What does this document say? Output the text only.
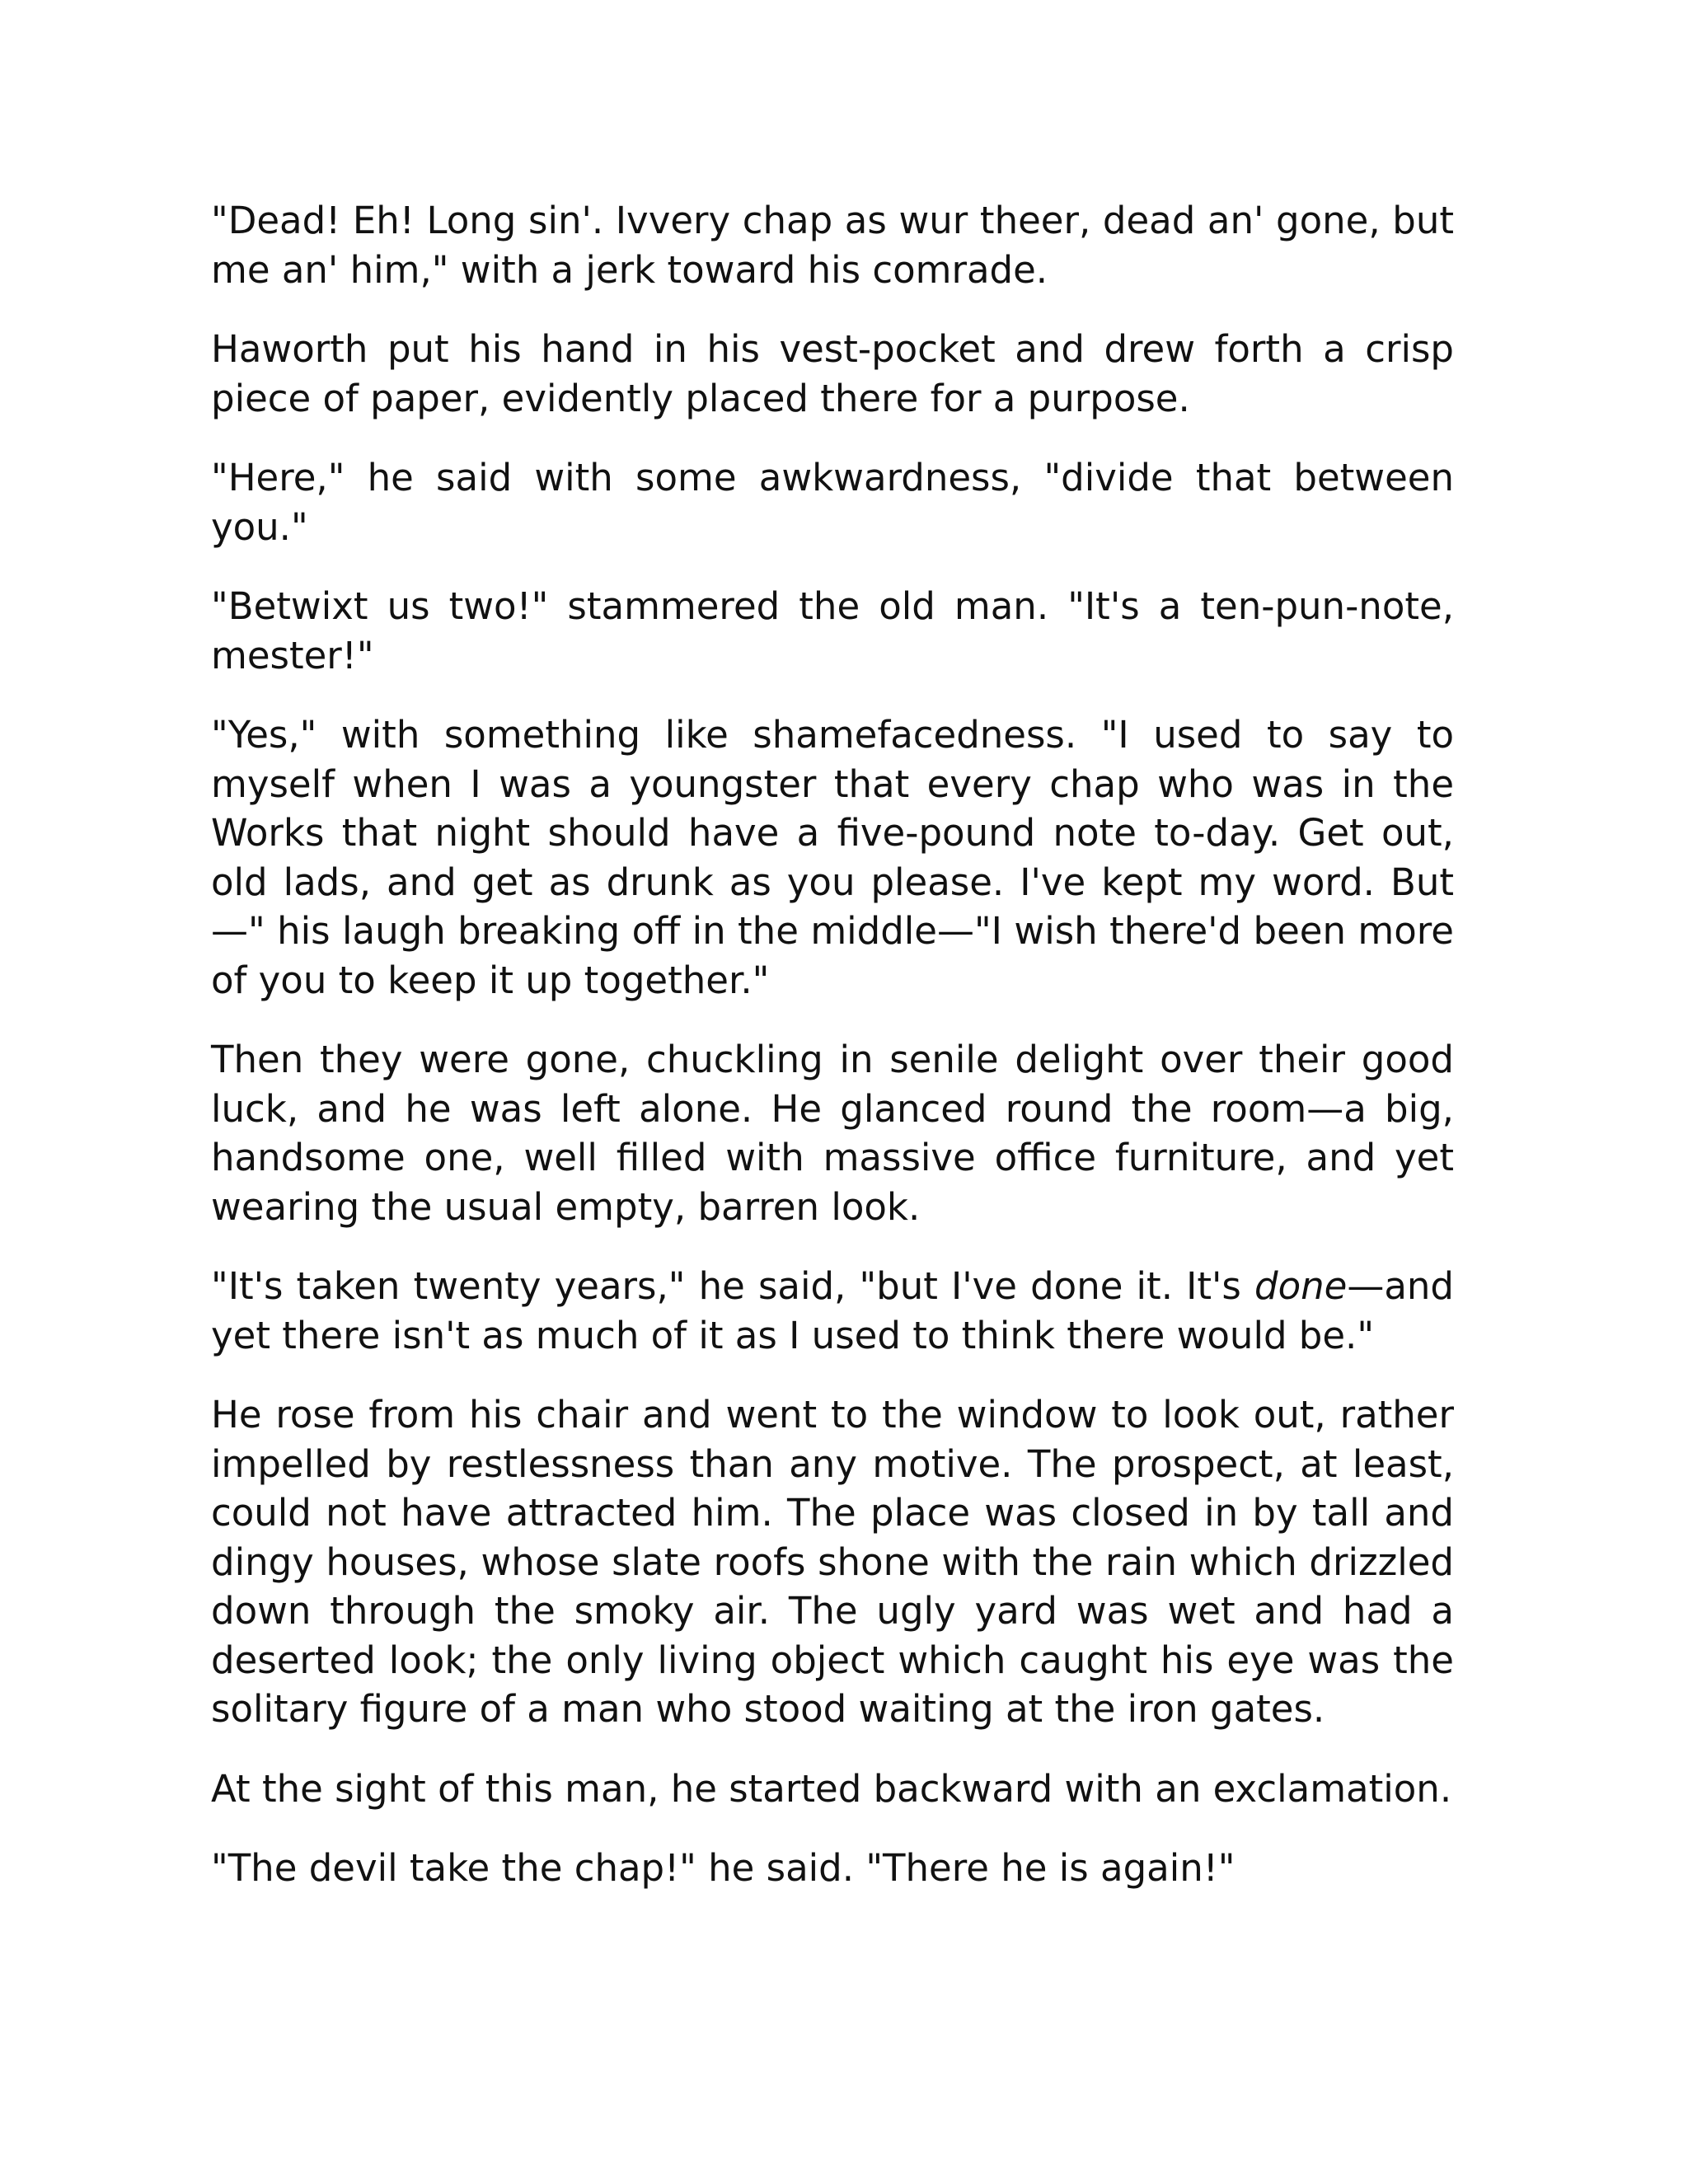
"Dead! Eh! Long sin'. Ivvery chap as wur theer, dead an' gone, but me an' him," with a jerk toward his comrade.

Haworth put his hand in his vest-pocket and drew forth a crisp piece of paper, evidently placed there for a purpose.

"Here," he said with some awkwardness, "divide that between you."

"Betwixt us two!" stammered the old man. "It's a ten-pun-note, mester!"

"Yes," with something like shamefacedness. "I used to say to myself when I was a youngster that every chap who was in the Works that night should have a five-pound note to-day. Get out, old lads, and get as drunk as you please. I've kept my word. But—" his laugh breaking off in the middle—"I wish there'd been more of you to keep it up together."

Then they were gone, chuckling in senile delight over their good luck, and he was left alone. He glanced round the room—a big, handsome one, well filled with massive office furniture, and yet wearing the usual empty, barren look.

"It's taken twenty years," he said, "but I've done it. It's done—and yet there isn't as much of it as I used to think there would be."

He rose from his chair and went to the window to look out, rather impelled by restlessness than any motive. The prospect, at least, could not have attracted him. The place was closed in by tall and dingy houses, whose slate roofs shone with the rain which drizzled down through the smoky air. The ugly yard was wet and had a deserted look; the only living object which caught his eye was the solitary figure of a man who stood waiting at the iron gates.

At the sight of this man, he started backward with an exclamation.

"The devil take the chap!" he said. "There he is again!"
